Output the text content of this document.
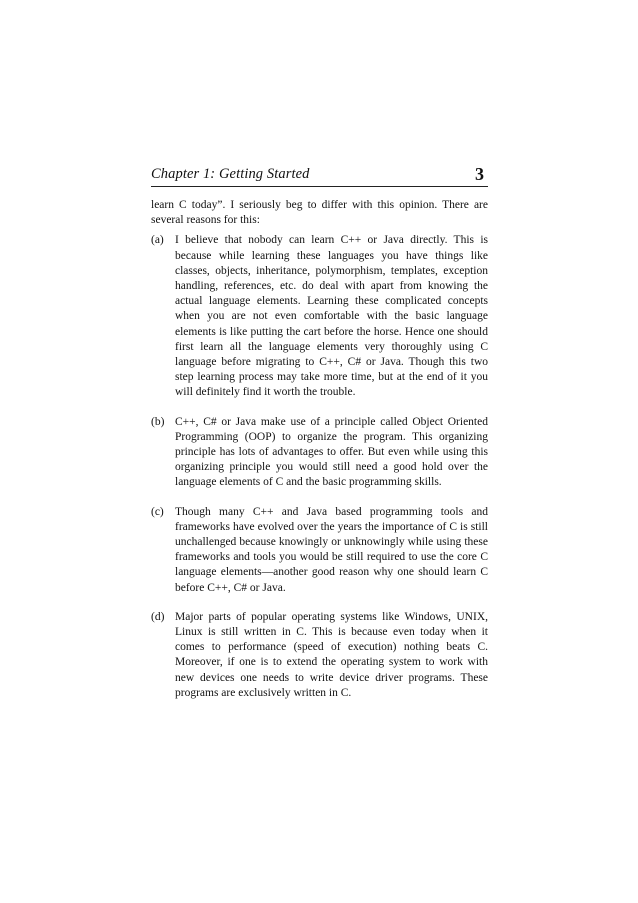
Chapter 1: Getting Started	3

learn C today”. I seriously beg to differ with this opinion. There are several reasons for this:

(a) I believe that nobody can learn C++ or Java directly. This is because while learning these languages you have things like classes, objects, inheritance, polymorphism, templates, exception handling, references, etc. do deal with apart from knowing the actual language elements. Learning these complicated concepts when you are not even comfortable with the basic language elements is like putting the cart before the horse. Hence one should first learn all the language elements very thoroughly using C language before migrating to C++, C# or Java. Though this two step learning process may take more time, but at the end of it you will definitely find it worth the trouble.
(b) C++, C# or Java make use of a principle called Object Oriented Programming (OOP) to organize the program. This organizing principle has lots of advantages to offer. But even while using this organizing principle you would still need a good hold over the language elements of C and the basic programming skills.
(c) Though many C++ and Java based programming tools and frameworks have evolved over the years the importance of C is still unchallenged because knowingly or unknowingly while using these frameworks and tools you would be still required to use the core C language elements—another good reason why one should learn C before C++, C# or Java.
(d) Major parts of popular operating systems like Windows, UNIX, Linux is still written in C. This is because even today when it comes to performance (speed of execution) nothing beats C. Moreover, if one is to extend the operating system to work with new devices one needs to write device driver programs. These programs are exclusively written in C.
